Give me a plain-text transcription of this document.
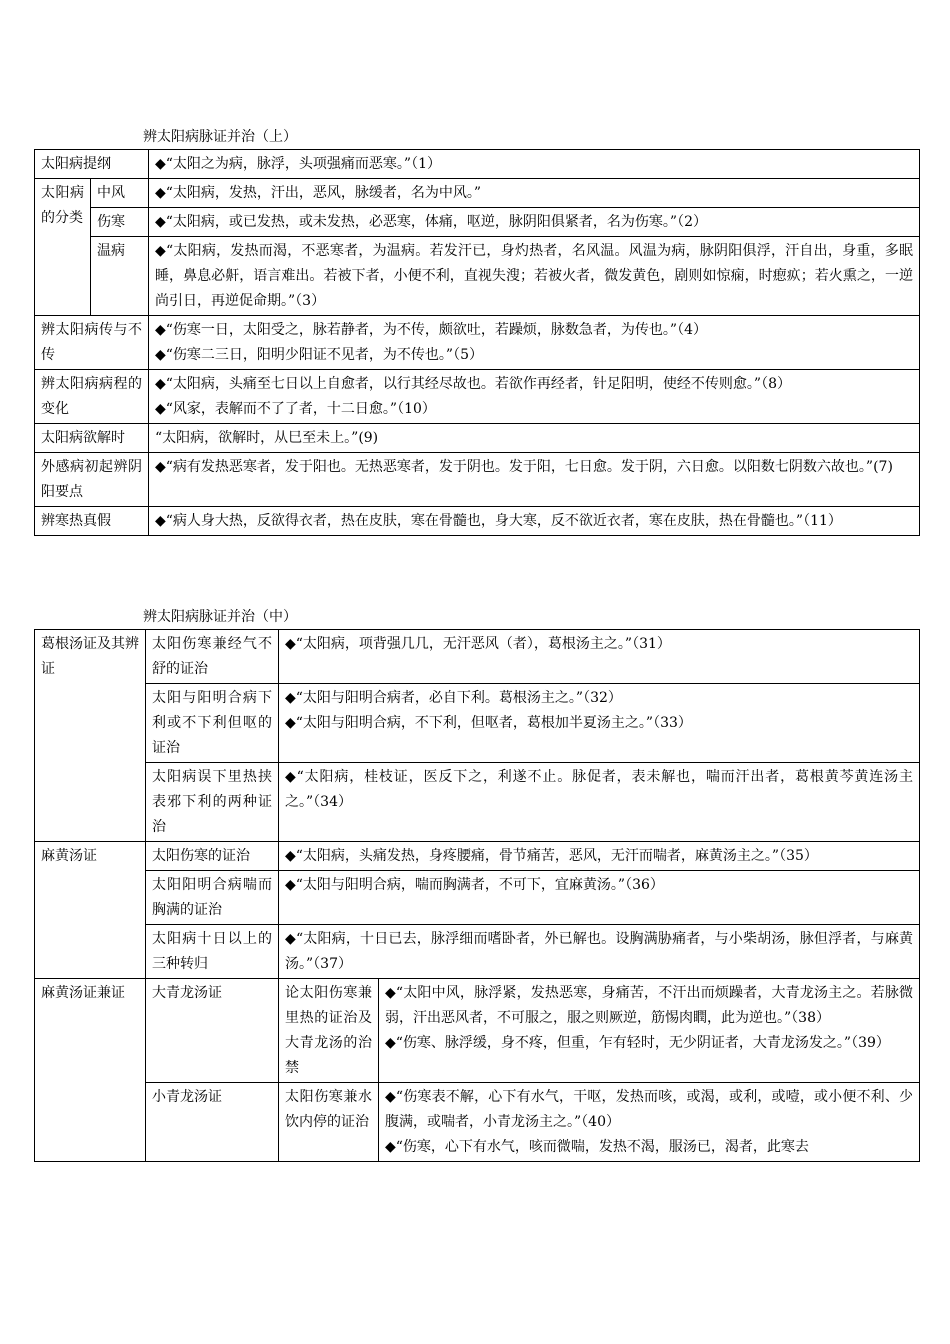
辨太阳病脉证并治（上）
太阳病提纲		◆“太阳之为病，脉浮，头项强痛而恶寒。”（1）
太阳病的分类	中风	◆“太阳病，发热，汗出，恶风，脉缓者，名为中风。”
	伤寒	◆“太阳病，或已发热，或未发热，必恶寒，体痛，呕逆，脉阴阳俱紧者，名为伤寒。”（2）
	温病	◆“太阳病，发热而渴，不恶寒者，为温病。若发汗已，身灼热者，名风温。风温为病，脉阴阳俱浮，汗自出，身重，多眠睡，鼻息必鼾，语言难出。若被下者，小便不利，直视失溲；若被火者，微发黄色，剧则如惊痫，时瘛疭；若火熏之，一逆尚引日，再逆促命期。”（3）
辨太阳病传与不传		◆“伤寒一日，太阳受之，脉若静者，为不传，颇欲吐，若躁烦，脉数急者，为传也。”（4）

◆“伤寒二三日，阳明少阳证不见者，为不传也。”（5）

辨太阳病病程的变化		◆“太阳病，头痛至七日以上自愈者，以行其经尽故也。若欲作再经者，针足阳明，使经不传则愈。”（8）

◆“风家，表解而不了了者，十二日愈。”（10）

太阳病欲解时		“太阳病，欲解时，从巳至未上。”(9)
外感病初起辨阴阳要点		◆“病有发热恶寒者，发于阳也。无热恶寒者，发于阴也。发于阳，七日愈。发于阴，六日愈。以阳数七阴数六故也。”(7)
辨寒热真假		◆“病人身大热，反欲得衣者，热在皮肤，寒在骨髓也，身大寒，反不欲近衣者，寒在皮肤，热在骨髓也。”（11）
辨太阳病脉证并治（中）
葛根汤证及其辨证	太阳伤寒兼经气不舒的证治	◆“太阳病，项背强几几，无汗恶风（者），葛根汤主之。”（31）	
	太阳与阳明合病下利或不下利但呕的证治	◆“太阳与阳明合病者，必自下利。葛根汤主之。”（32）

◆“太阳与阳明合病，不下利，但呕者，葛根加半夏汤主之。”（33）	

	太阳病误下里热挟表邪下利的两种证治	◆“太阳病，桂枝证，医反下之，利遂不止。脉促者，表未解也，喘而汗出者，葛根黄芩黄连汤主之。”（34）	
麻黄汤证	太阳伤寒的证治	◆“太阳病，头痛发热，身疼腰痛，骨节痛苦，恶风，无汗而喘者，麻黄汤主之。”（35）	
	太阳阳明合病喘而胸满的证治	◆“太阳与阳明合病，喘而胸满者，不可下，宜麻黄汤。”（36）	
	太阳病十日以上的三种转归	◆“太阳病，十日已去，脉浮细而嗜卧者，外已解也。设胸满胁痛者，与小柴胡汤，脉但浮者，与麻黄汤。”（37）	
麻黄汤证兼证	大青龙汤证	论太阳伤寒兼里热的证治及大青龙汤的治禁	◆“太阳中风，脉浮紧，发热恶寒，身痛苦，不汗出而烦躁者，大青龙汤主之。若脉微弱，汗出恶风者，不可服之，服之则厥逆，筋惕肉瞤，此为逆也。”（38）

◆“伤寒、脉浮缓，身不疼，但重，乍有轻时，无少阴证者，大青龙汤发之。”（39）

	小青龙汤证	太阳伤寒兼水饮内停的证治	◆“伤寒表不解，心下有水气，干呕，发热而咳，或渴，或利，或噎，或小便不利、少腹满，或喘者，小青龙汤主之。”（40）

◆“伤寒，心下有水气，咳而微喘，发热不渴，服汤已，渴者，此寒去
